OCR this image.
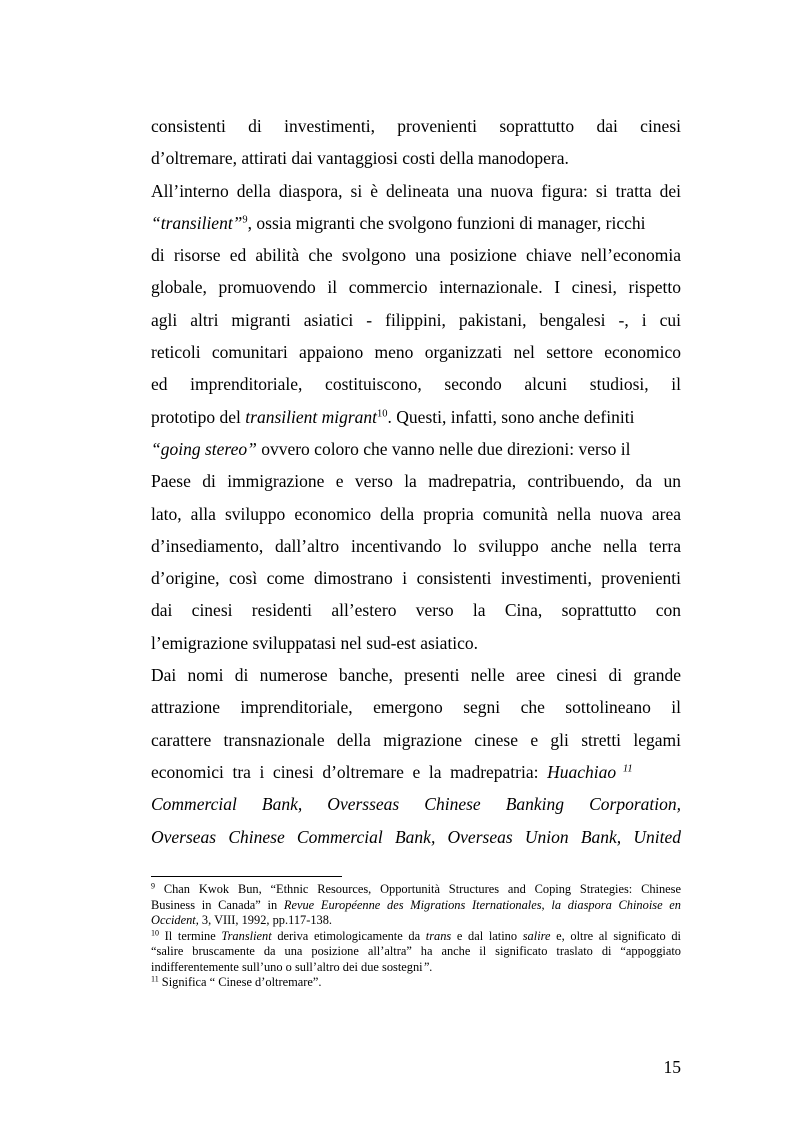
consistenti di investimenti, provenienti soprattutto dai cinesi
d’oltremare, attirati dai vantaggiosi costi della manodopera.
All’interno della diaspora, si è delineata una nuova figura: si tratta dei
“transilient”$^9$, ossia migranti che svolgono funzioni di manager, ricchi
di risorse ed abilità che svolgono una posizione chiave nell’economia
globale, promuovendo il commercio internazionale. I cinesi, rispetto
agli altri migranti asiatici - filippini, pakistani, bengalesi -, i cui
reticoli comunitari appaiono meno organizzati nel settore economico
ed imprenditoriale, costituiscono, secondo alcuni studiosi, il
prototipo del transilient migrant$^{10}$. Questi, infatti, sono anche definiti
“going stereo” ovvero coloro che vanno nelle due direzioni: verso il
Paese di immigrazione e verso la madrepatria, contribuendo, da un
lato, alla sviluppo economico della propria comunità nella nuova area
d’insediamento, dall’altro incentivando lo sviluppo anche nella terra
d’origine, così come dimostrano i consistenti investimenti, provenienti
dai cinesi residenti all’estero verso la Cina, soprattutto con
l’emigrazione sviluppatasi nel sud-est asiatico.
Dai nomi di numerose banche, presenti nelle aree cinesi di grande
attrazione imprenditoriale, emergono segni che sottolineano il
carattere transnazionale della migrazione cinese e gli stretti legami
economici tra i cinesi d’oltremare e la madrepatria: Huachiao $^{11}$
Commercial Bank, Oversseas Chinese Banking Corporation,
Overseas Chinese Commercial Bank, Overseas Union Bank, United
$^9$ Chan Kwok Bun, “Ethnic Resources, Opportunità Structures and Coping Strategies: Chinese
Business in Canada” in Revue Européenne des Migrations Iternationales, la diaspora Chinoise en
Occident, 3, VIII, 1992, pp.117-138.
$^{10}$ Il termine Translient deriva etimologicamente da trans e dal latino salire e, oltre al significato di
“salire bruscamente da una posizione all’altra” ha anche il significato traslato di “appoggiato
indifferentemente sull’uno o sull’altro dei due sostegni”.
$^{11}$ Significa “ Cinese d’oltremare”.
15
